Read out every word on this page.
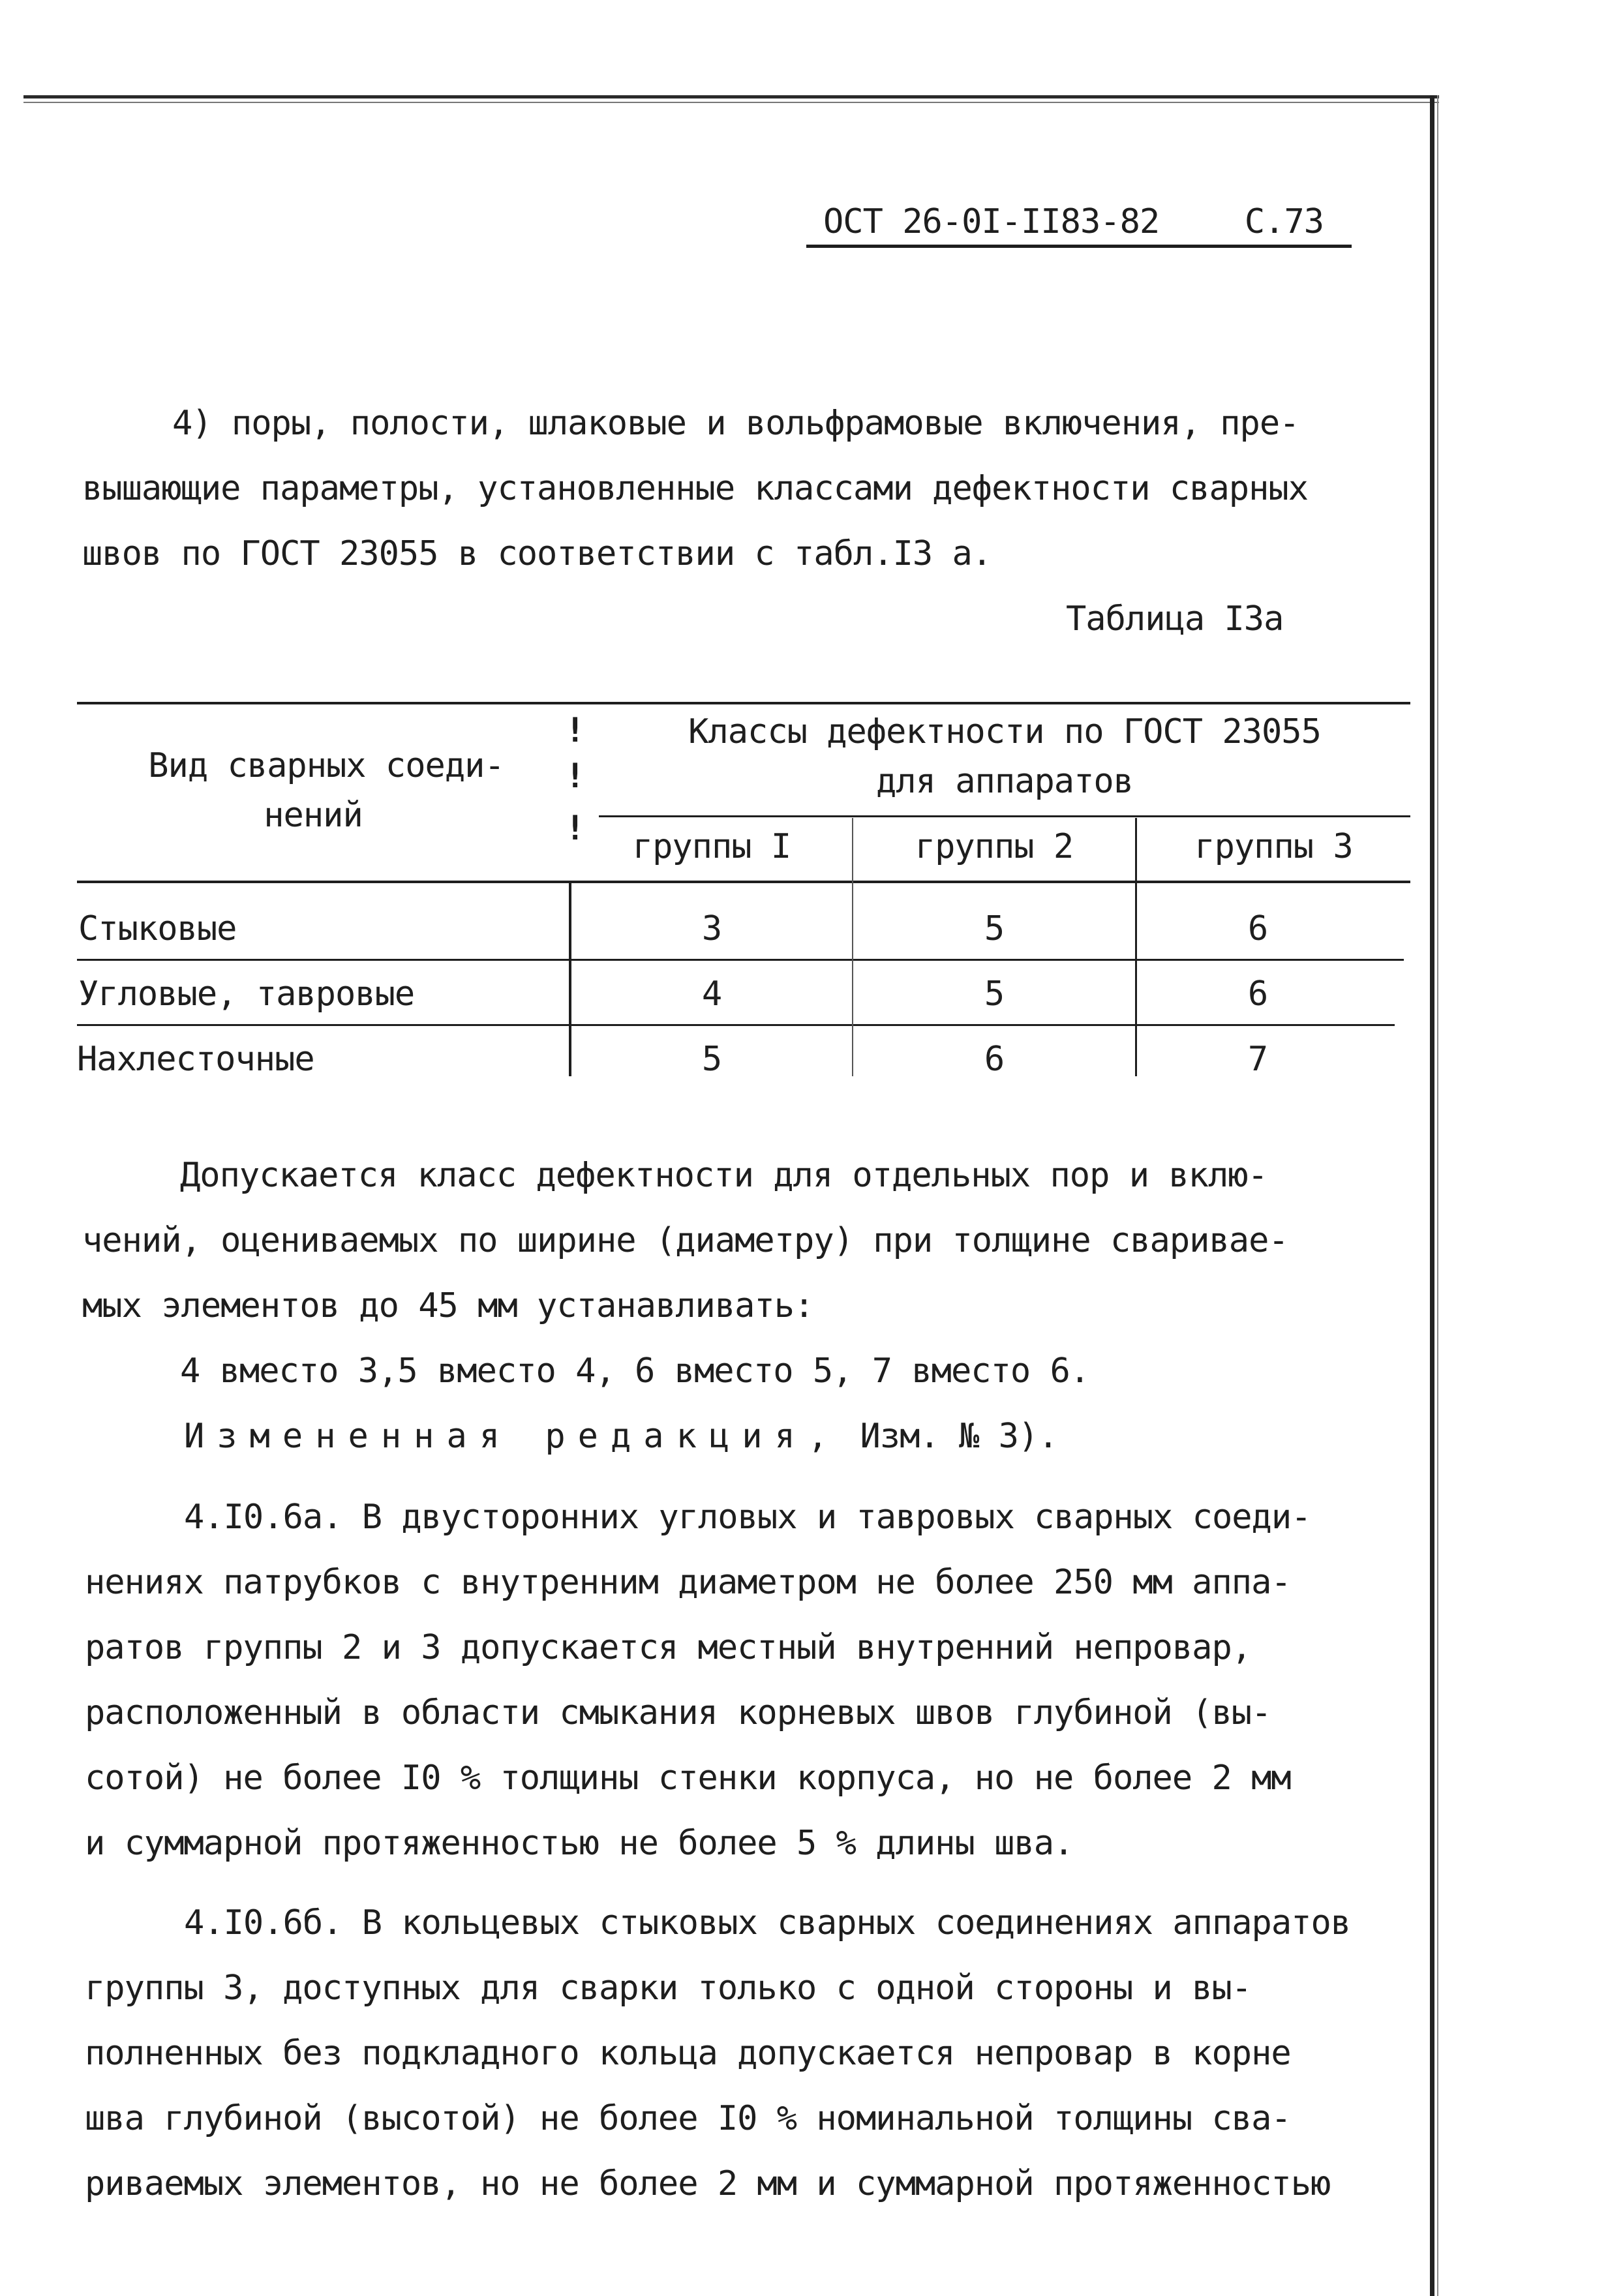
ОСТ 26-0I-II83-82	С.73
4) поры, полости, шлаковые и вольфрамовые включения, пре-
вышающие параметры, установленные классами дефектности сварных
швов по ГОСТ 23055 в соответствии с табл.I3 а.
Таблица I3а
!
!
!
Вид сварных соеди-
нений
Классы дефектности по ГОСТ 23055
для аппаратов
группы I	группы 2	группы 3
Стыковые	3	5	6
Угловые, тавровые	4	5	6
Нахлесточные	5	6	7
Допускается класс дефектности для отдельных пор и вклю-
чений, оцениваемых по ширине (диаметру) при толщине сваривае-
мых элементов до 45 мм устанавливать:
4 вместо 3,5 вместо 4, 6 вместо 5, 7 вместо 6.
Измененная редакция, Изм. № 3).
4.I0.6а. В двусторонних угловых и тавровых сварных соеди-
нениях патрубков с внутренним диаметром не более 250 мм аппа-
ратов группы 2 и 3 допускается местный внутренний непровар,
расположенный в области смыкания корневых швов глубиной (вы-
сотой) не более I0 % толщины стенки корпуса, но не более 2 мм
и суммарной протяженностью не более 5 % длины шва.
4.I0.6б. В кольцевых стыковых сварных соединениях аппаратов
группы 3, доступных для сварки только с одной стороны и вы-
полненных без подкладного кольца допускается непровар в корне
шва глубиной (высотой) не более I0 % номинальной толщины сва-
риваемых элементов, но не более 2 мм и суммарной протяженностью
